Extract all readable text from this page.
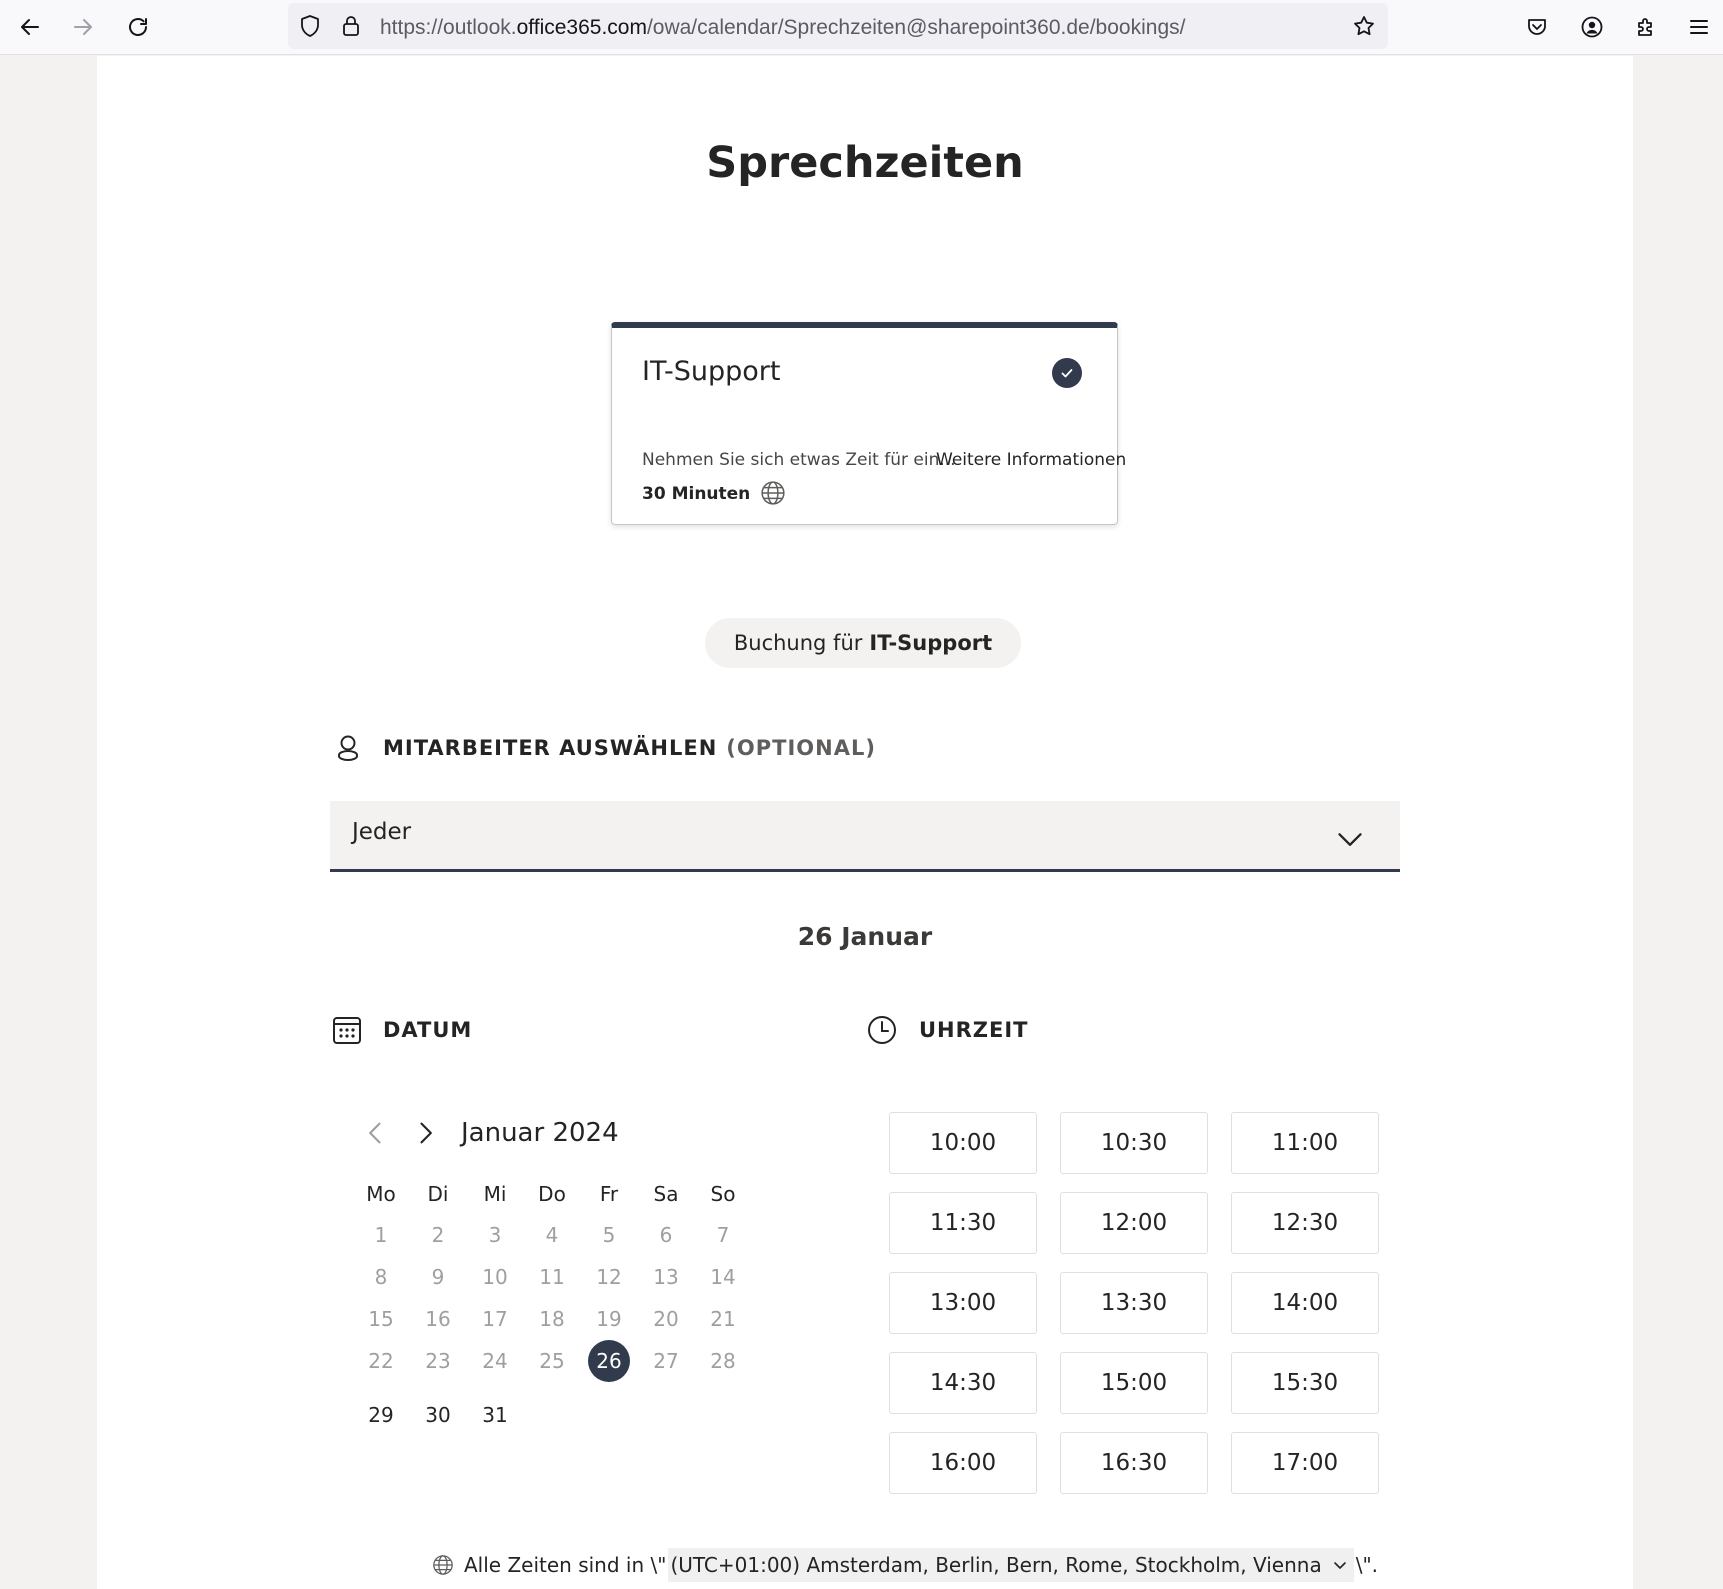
https://outlook.office365.com/owa/calendar/Sprechzeiten@sharepoint360.de/bookings/
Sprechzeiten
IT-Support
Nehmen Sie sich etwas Zeit für ein...
Weitere Informationen
30 Minuten
Buchung für IT-Support
MITARBEITER AUSWÄHLEN (OPTIONAL)
Jeder
26 Januar
DATUM
Januar 2024
Mo	Di	Mi	Do	Fr	Sa	So
1	2	3	4	5	6	7
8	9	10	11	12	13	14
15	16	17	18	19	20	21
22	23	24	25	26	27	28
29	30	31
UHRZEIT
10:00	10:30	11:00
11:30	12:00	12:30
13:00	13:30	14:00
14:30	15:00	15:30
16:00	16:30	17:00
Alle Zeiten sind in \" (UTC+01:00) Amsterdam, Berlin, Bern, Rome, Stockholm, Vienna \".
